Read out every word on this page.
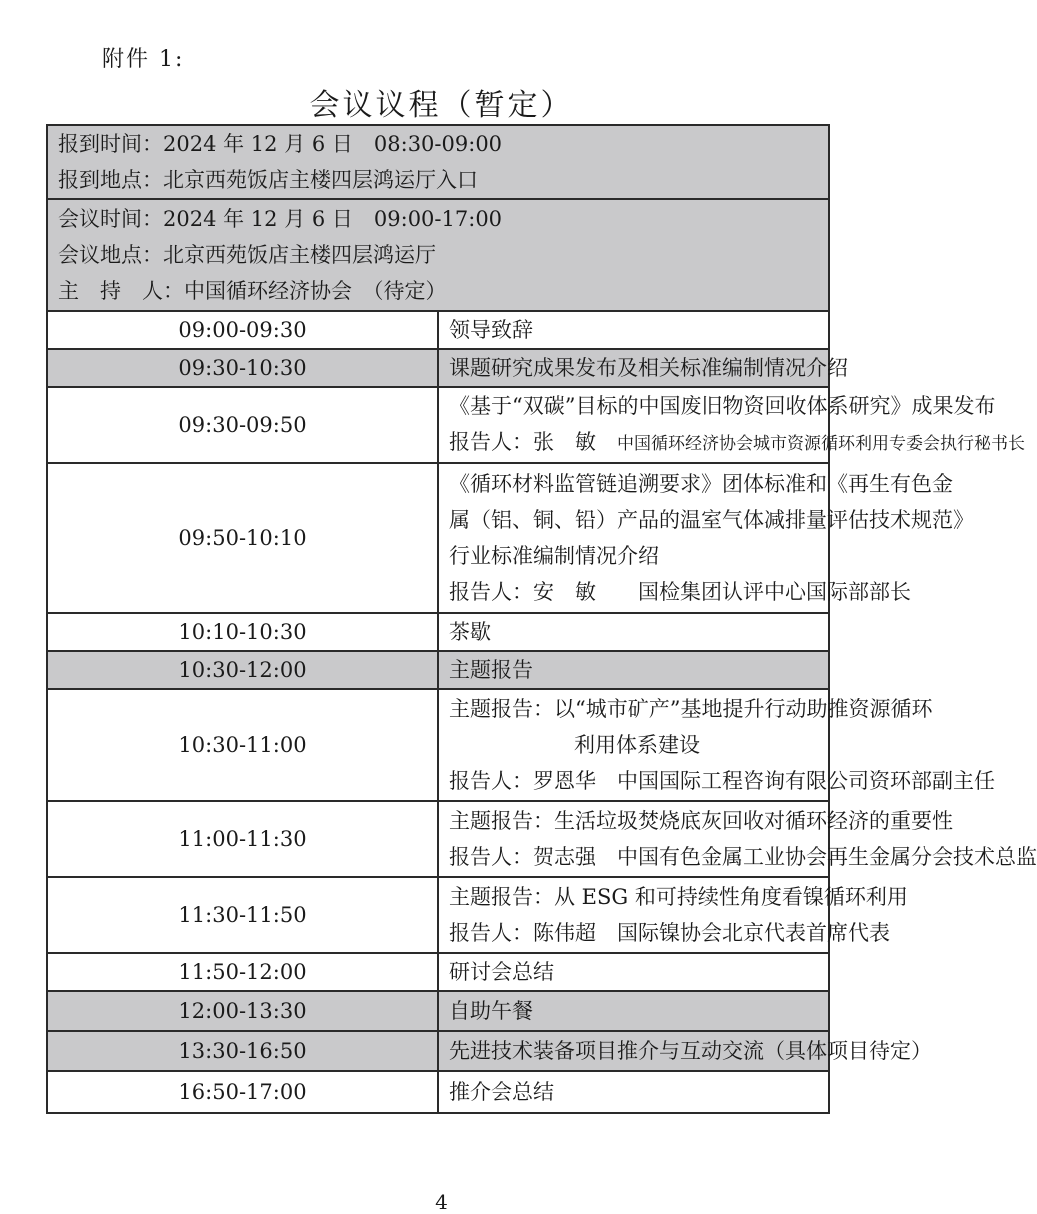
附件 1:
会议议程（暂定）
报到时间：2024 年 12 月 6 日　08:30-09:00
报到地点：北京西苑饭店主楼四层鸿运厅入口	

会议时间：2024 年 12 月 6 日　09:00-17:00
会议地点：北京西苑饭店主楼四层鸿运厅
主　持　人：中国循环经济协会　（待定）	

09:00-09:30	领导致辞
09:30-10:30	课题研究成果发布及相关标准编制情况介绍
09:30-09:50	《基于“双碳”目标的中国废旧物资回收体系研究》成果发布
报告人：张　敏　 中国循环经济协会城市资源循环利用专委会执行秘书长

09:50-10:10	《循环材料监管链追溯要求》团体标准和《再生有色金
属（铝、铜、铅）产品的温室气体减排量评估技术规范》
行业标准编制情况介绍
报告人：安　敏　　国检集团认评中心国际部部长

10:10-10:30	茶歇
10:30-12:00	主题报告
10:30-11:00	主题报告：以“城市矿产”基地提升行动助推资源循环
利用体系建设
报告人：罗恩华　中国国际工程咨询有限公司资环部副主任

11:00-11:30	主题报告：生活垃圾焚烧底灰回收对循环经济的重要性
报告人：贺志强　中国有色金属工业协会再生金属分会技术总监

11:30-11:50	主题报告：从 ESG 和可持续性角度看镍循环利用
报告人：陈伟超　国际镍协会北京代表首席代表

11:50-12:00	研讨会总结
12:00-13:30	自助午餐
13:30-16:50	先进技术装备项目推介与互动交流（具体项目待定）
16:50-17:00	推介会总结
4
